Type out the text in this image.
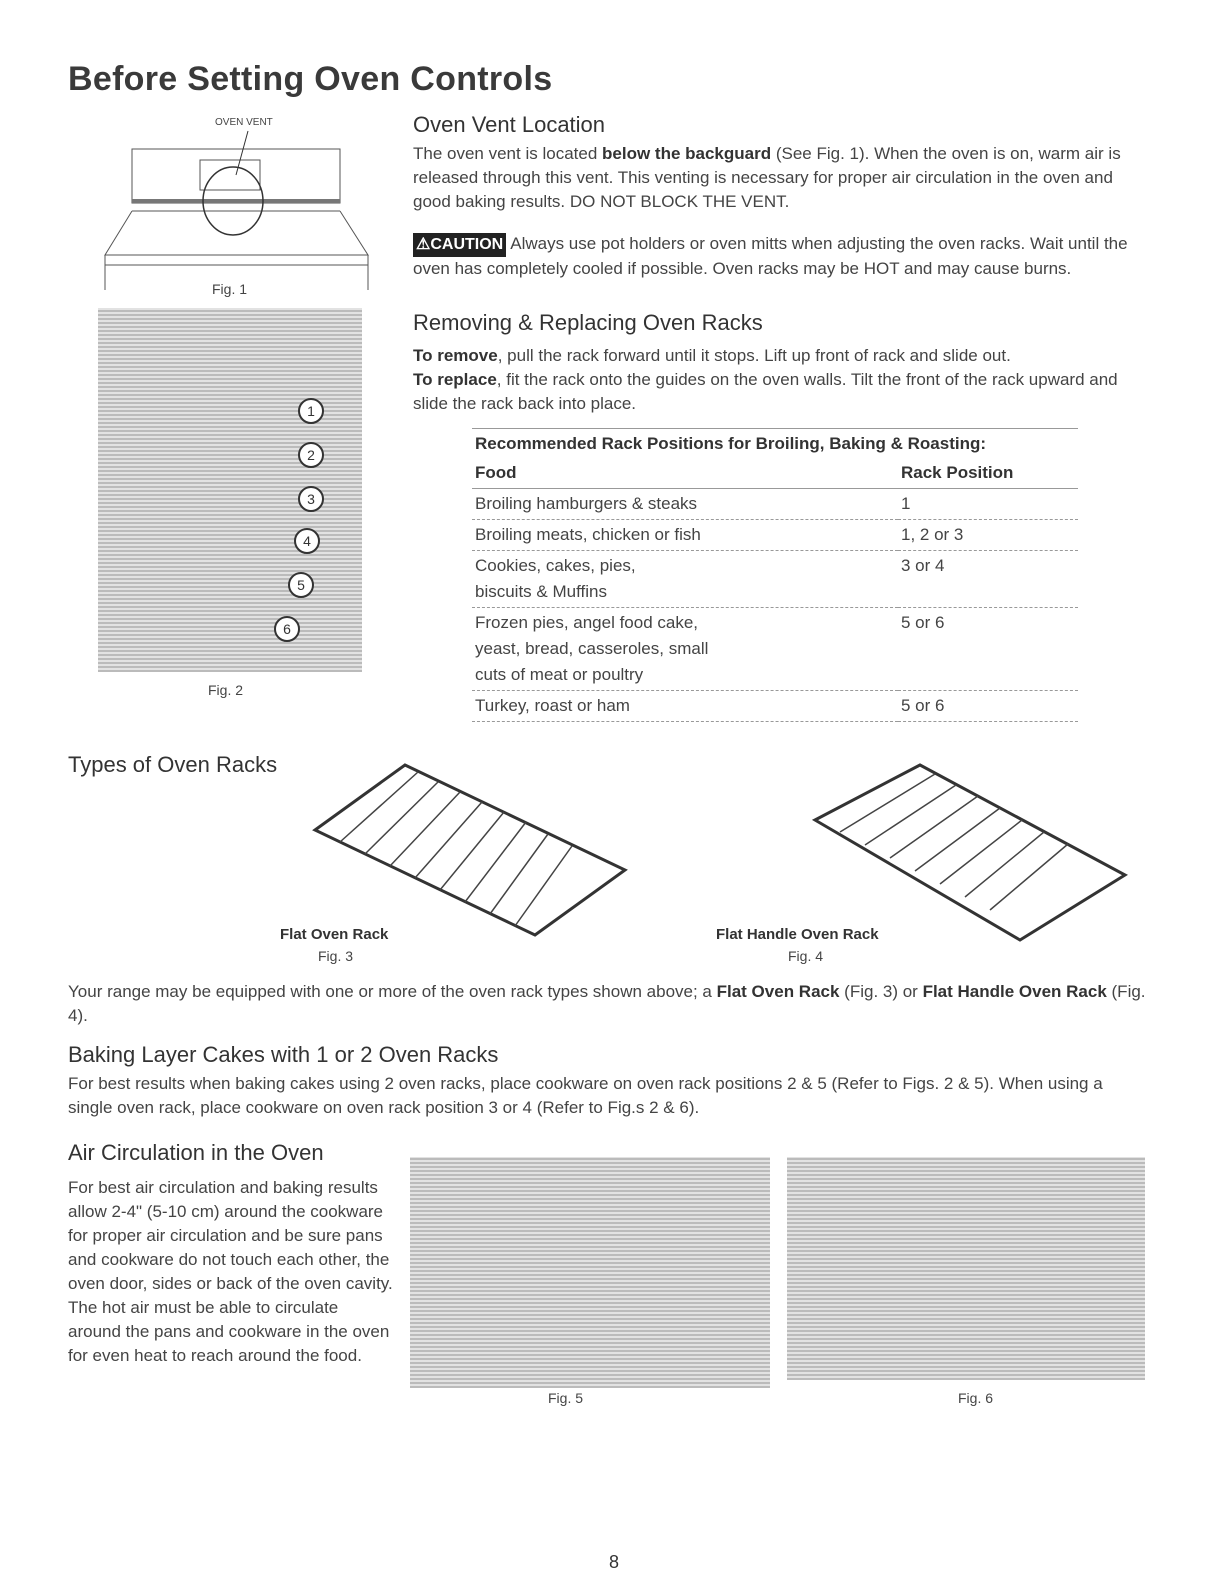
Before Setting Oven Controls
OVEN VENT
Fig. 1
1
2
3
4
5
6
Fig. 2
Oven Vent Location

The oven vent is located below the backguard (See Fig. 1). When the oven is on, warm air is released through this vent. This venting is necessary for proper air circulation in the oven and good baking results. DO NOT BLOCK THE VENT.

⚠CAUTION Always use pot holders or oven mitts when adjusting the oven racks. Wait until the oven has completely cooled if possible. Oven racks may be HOT and may cause burns.

Removing & Replacing Oven Racks

To remove, pull the rack forward until it stops. Lift up front of rack and slide out.
To replace, fit the rack onto the guides on the oven walls. Tilt the front of the rack upward and slide the rack back into place.

Recommended Rack Positions for Broiling, Baking & Roasting:
Food	Rack Position
Broiling hamburgers & steaks	1
Broiling meats, chicken or fish	1, 2 or 3
Cookies, cakes, pies, biscuits & Muffins	3 or 4
Frozen pies, angel food cake, yeast, bread, casseroles, small cuts of meat or poultry	5 or 6
Turkey, roast or ham	5 or 6
Types of Oven Racks
Flat Oven Rack
Fig. 3
Flat Handle Oven Rack
Fig. 4

Your range may be equipped with one or more of the oven rack types shown above; a Flat Oven Rack (Fig. 3) or Flat Handle Oven Rack (Fig. 4).

Baking Layer Cakes with 1 or 2 Oven Racks

For best results when baking cakes using 2 oven racks, place cookware on oven rack positions 2 & 5 (Refer to Figs. 2 & 5). When using a single oven rack, place cookware on oven rack position 3 or 4 (Refer to Fig.s 2 & 6).

Air Circulation in the Oven

For best air circulation and baking results allow 2-4" (5-10 cm) around the cookware for proper air circulation and be sure pans and cookware do not touch each other, the oven door, sides or back of the oven cavity. The hot air must be able to circulate around the pans and cookware in the oven for even heat to reach around the food.

Fig. 5	Fig. 6
8
